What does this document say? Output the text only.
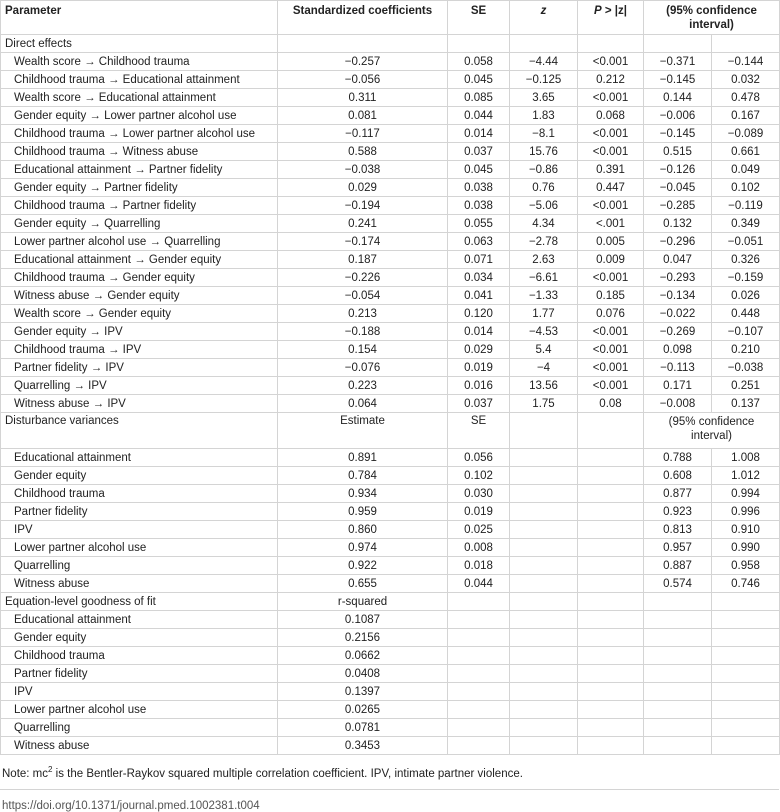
Parameter	Standardized coefficients	SE	z	P > |z|	(95% confidence interval)	
Direct effects						
Wealth score → Childhood trauma	−0.257	0.058	−4.44	<0.001	−0.371	−0.144
Childhood trauma → Educational attainment	−0.056	0.045	−0.125	0.212	−0.145	0.032
Wealth score → Educational attainment	0.311	0.085	3.65	<0.001	0.144	0.478
Gender equity → Lower partner alcohol use	0.081	0.044	1.83	0.068	−0.006	0.167
Childhood trauma → Lower partner alcohol use	−0.117	0.014	−8.1	<0.001	−0.145	−0.089
Childhood trauma → Witness abuse	0.588	0.037	15.76	<0.001	0.515	0.661
Educational attainment → Partner fidelity	−0.038	0.045	−0.86	0.391	−0.126	0.049
Gender equity → Partner fidelity	0.029	0.038	0.76	0.447	−0.045	0.102
Childhood trauma → Partner fidelity	−0.194	0.038	−5.06	<0.001	−0.285	−0.119
Gender equity → Quarrelling	0.241	0.055	4.34	<.001	0.132	0.349
Lower partner alcohol use → Quarrelling	−0.174	0.063	−2.78	0.005	−0.296	−0.051
Educational attainment → Gender equity	0.187	0.071	2.63	0.009	0.047	0.326
Childhood trauma → Gender equity	−0.226	0.034	−6.61	<0.001	−0.293	−0.159
Witness abuse → Gender equity	−0.054	0.041	−1.33	0.185	−0.134	0.026
Wealth score → Gender equity	0.213	0.120	1.77	0.076	−0.022	0.448
Gender equity → IPV	−0.188	0.014	−4.53	<0.001	−0.269	−0.107
Childhood trauma → IPV	0.154	0.029	5.4	<0.001	0.098	0.210
Partner fidelity → IPV	−0.076	0.019	−4	<0.001	−0.113	−0.038
Quarrelling → IPV	0.223	0.016	13.56	<0.001	0.171	0.251
Witness abuse → IPV	0.064	0.037	1.75	0.08	−0.008	0.137
Disturbance variances	Estimate	SE			(95% confidence interval)	
Educational attainment	0.891	0.056			0.788	1.008
Gender equity	0.784	0.102			0.608	1.012
Childhood trauma	0.934	0.030			0.877	0.994
Partner fidelity	0.959	0.019			0.923	0.996
IPV	0.860	0.025			0.813	0.910
Lower partner alcohol use	0.974	0.008			0.957	0.990
Quarrelling	0.922	0.018			0.887	0.958
Witness abuse	0.655	0.044			0.574	0.746
Equation-level goodness of fit	r-squared					
Educational attainment	0.1087					
Gender equity	0.2156					
Childhood trauma	0.0662					
Partner fidelity	0.0408					
IPV	0.1397					
Lower partner alcohol use	0.0265					
Quarrelling	0.0781					
Witness abuse	0.3453					
Note: $mc^2$ is the Bentler-Raykov squared multiple correlation coefficient. IPV, intimate partner violence.
https://doi.org/10.1371/journal.pmed.1002381.t004
